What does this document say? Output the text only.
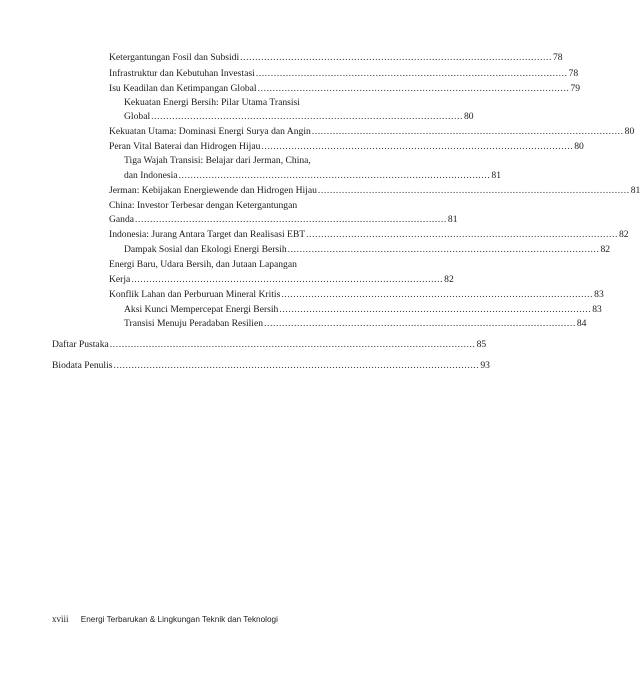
Ketergantungan Fosil dan Subsidi ........................................................................................................ 78
Infrastruktur dan Kebutuhan Investasi ........................................................................................................ 78
Isu Keadilan dan Ketimpangan Global ........................................................................................................ 79
Kekuatan Energi Bersih: Pilar Utama Transisi
Global ........................................................................................................ 80
Kekuatan Utama: Dominasi Energi Surya dan Angin ........................................................................................................ 80
Peran Vital Baterai dan Hidrogen Hijau ........................................................................................................ 80
Tiga Wajah Transisi: Belajar dari Jerman, China,
dan Indonesia ........................................................................................................ 81
Jerman: Kebijakan Energiewende dan Hidrogen Hijau ........................................................................................................ 81
China: Investor Terbesar dengan Ketergantungan
Ganda ........................................................................................................ 81
Indonesia: Jurang Antara Target dan Realisasi EBT ........................................................................................................ 82
Dampak Sosial dan Ekologi Energi Bersih ........................................................................................................ 82
Energi Baru, Udara Bersih, dan Jutaan Lapangan
Kerja ........................................................................................................ 82
Konflik Lahan dan Perburuan Mineral Kritis ........................................................................................................ 83
Aksi Kunci Mempercepat Energi Bersih ........................................................................................................ 83
Transisi Menuju Peradaban Resilien ........................................................................................................ 84
Daftar Pustaka .......................................................................................................................... 85
Biodata Penulis .......................................................................................................................... 93
xviii Energi Terbarukan & Lingkungan Teknik dan Teknologi
